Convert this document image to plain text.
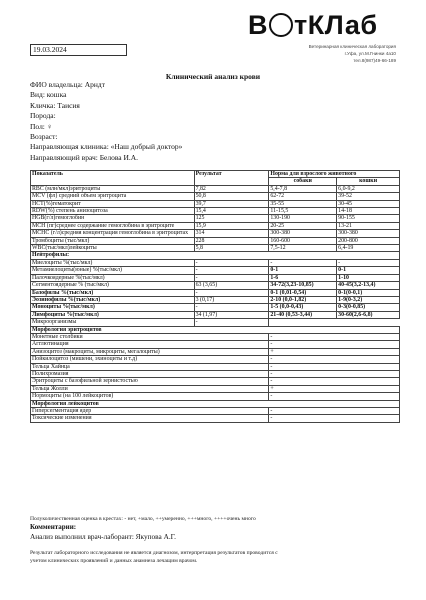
19.03.2024
В тКЛаб
Ветеринарная клиническая лаборатория
г.Уфа, ул.М.Гнинки 4а10
тел.8(987)49-66-189
Клинический анализ крови
ФИО владельца: Арндт
Вид: кошка
Кличка: Таисия
Порода:
Пол: ♀
Возраст:
Направляющая клиника: «Наш добрый доктор»
Направляющий врач: Белова И.А.
Показатель	Результат	Норма для взрослого животного	
		собаки	кошки
RBC (млн/мкл)эритроциты	7,82	5,4-7,8	6,0-9,2
MCV (фл) средний объем эритроцита	50,8	62-72	39-52
HCT(%)гематокрит	39,7	35-55	30-45
RDW(%) степень анизоцитоза	15,4	11-15,5	14-18
HGB(г/л)гемоглобин	125	130-190	90-155
MCH (пг)среднее содержание гемоглобина в эритроците	15,9	20-25	13-21
MCHC (г/л)средняя концентрация гемоглобина в эритроцитах	314	300-380	300-380
Тромбоциты (тыс/мкл)	228	160-600	200-800
WBC(тыс/мкл)лейкоциты	5,8	7,5-12	6,4-19
Нейтрофилы:			
Миелоциты %(тыс/мкл)	-	-	-
Метамиелоциты(юные) %(тыс/мкл)	-	0-1	0-1
Палочкоядерные %(тыс/мкл)	-	1-6	1-10
Сегментоядерные % (тыс/мкл)	63 (3,65)	34-72(3,23-10,85)	40-45(3,2-13,4)
Базофилы %(тыс/мкл)	-	0-1 (0,01-0,54)	0-1(0-0,1)
Эозинофилы %(тыс/мкл)	3 (0,17)	2-10 (0,0-1,82)	1-9(0-3,2)
Моноциты %(тыс/мкл)	-	1-5 (0,0-0,43)	0-3(0-0,85)
Лимфоциты %(тыс/мкл)	34 (1,97)	21-40 (0,53-3,44)	30-60(2,6-6,8)
Микроорганизмы	-		
Морфология эритроцитов			
Монетные столбики		-	
Агглютинация		-	
Анизоцитоз (макроциты, микроциты, мегалоциты)		+	
Пойкилоцитоз (мишени, эхиноциты и т.д)		-	
Тельца Хайнца		-	
Полихромазия		-	
Эритроциты с базофильной зернистостью		-	
Тельца Жолли		+	
Нормоциты (на 100 лейкоцитов)		-	
Морфология лейкоцитов			
Гиперсегментация ядер		-	
Токсические изменения		-	
Полуколичественная оценка в крестах: - нет, +мало, ++умеренно, +++много, ++++очень много
Комментарии:
Анализ выполнил врач-лаборант: Якупова А.Г.
Результат лабораторного исследования не является диагнозом, интерпретация результатов проводится с
учетом клинических проявлений и данных анамнеза лечащим врачом.
